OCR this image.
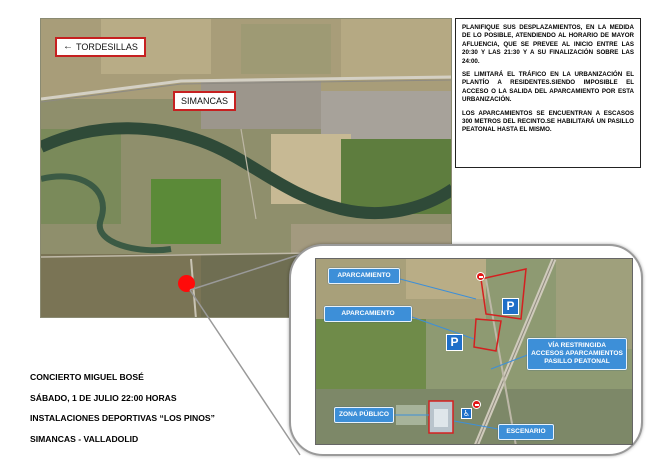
← TORDESILLAS
SIMANCAS

PLANIFIQUE SUS DESPLAZAMIENTOS, EN LA MEDIDA DE LO POSIBLE, ATENDIENDO AL HORARIO DE MAYOR AFLUENCIA, QUE SE PREVEE AL INICIO ENTRE LAS 20:30 Y LAS 21:30 Y A SU FINALIZACIÓN SOBRE LAS 24:00.

SE LIMITARÁ EL TRÁFICO EN LA URBANIZACIÓN EL PLANTÍO A RESIDENTES.SIENDO IMPOSIBLE EL ACCESO O LA SALIDA DEL APARCAMIENTO POR ESTA URBANIZACIÓN.

LOS APARCAMIENTOS SE ENCUENTRAN A ESCASOS 300 METROS DEL RECINTO.SE HABILITARÁ UN PASILLO PEATONAL HASTA EL MISMO.

CONCIERTO MIGUEL BOSÉ
SÁBADO, 1 DE JULIO 22:00 HORAS
INSTALACIONES DEPORTIVAS “LOS PINOS”
SIMANCAS - VALLADOLID
APARCAMIENTO
APARCAMIENTO
VÍA RESTRINGIDA
ACCESOS APARCAMIENTOS
PASILLO PEATONAL
ZONA PÚBLICO
ESCENARIO
P
P
♿
